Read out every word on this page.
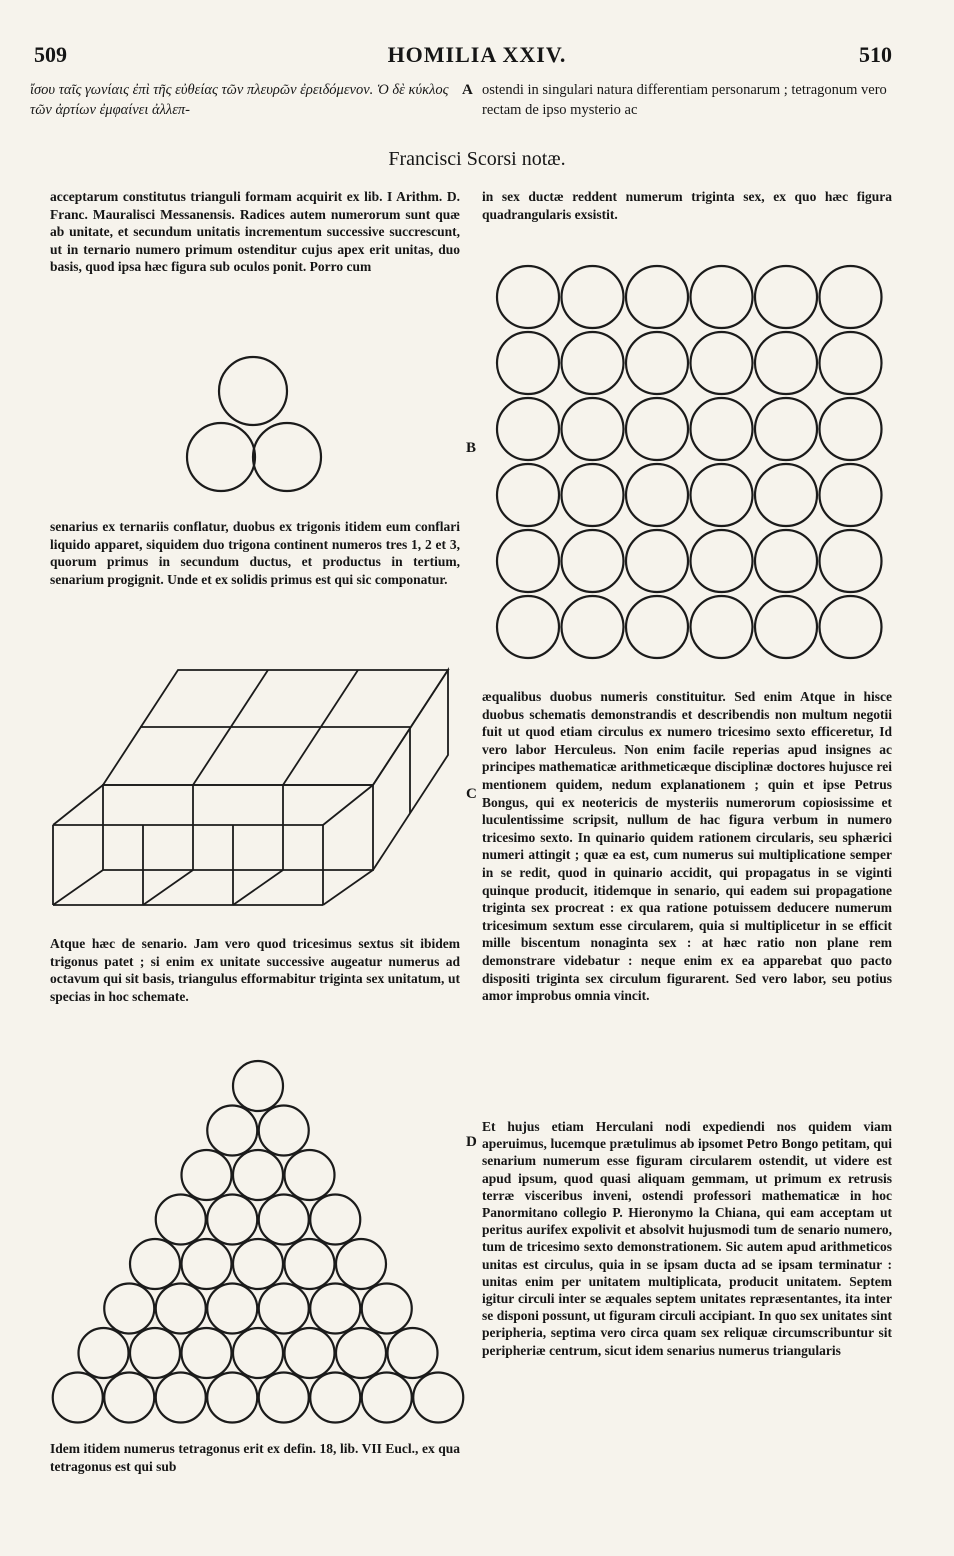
509	HOMILIA XXIV.	510
ἴσου ταῖς γωνίαις ἐπὶ τῆς εὐθείας τῶν πλευρῶν ἐρειδόμενον. Ὁ δὲ κύκλος τῶν ἀρτίων ἐμφαίνει ἀλλεπ-
A ostendi in singulari natura differentiam personarum ; tetragonum vero rectam de ipso mysterio ac
Francisci Scorsi notæ.

acceptarum constitutus trianguli formam acquirit ex lib. I Arithm. D. Franc. Mauralisci Messanensis. Radices autem numerorum sunt quæ ab unitate, et secundum unitatis incrementum successive succrescunt, ut in ternario numero primum ostenditur cujus apex erit unitas, duo basis, quod ipsa hæc figura sub oculos ponit. Porro cum

senarius ex ternariis conflatur, duobus ex trigonis itidem eum conflari liquido apparet, siquidem duo trigona continent numeros tres 1, 2 et 3, quorum primus in secundum ductus, et productus in tertium, senarium progignit. Unde et ex solidis primus est qui sic componatur.

Atque hæc de senario. Jam vero quod tricesimus sextus sit ibidem trigonus patet ; si enim ex unitate successive augeatur numerus ad octavum qui sit basis, triangulus efformabitur triginta sex unitatum, ut specias in hoc schemate.

Idem itidem numerus tetragonus erit ex defin. 18, lib. VII Eucl., ex qua tetragonus est qui sub

in sex ductæ reddent numerum triginta sex, ex quo hæc figura quadrangularis exsistit.

B
C
D

æqualibus duobus numeris constituitur. Sed enim Atque in hisce duobus schematis demonstrandis et describendis non multum negotii fuit ut quod etiam circulus ex numero tricesimo sexto efficeretur, Id vero labor Herculeus. Non enim facile reperias apud insignes ac principes mathematicæ arithmeticæque disciplinæ doctores hujusce rei mentionem quidem, nedum explanationem ; quin et ipse Petrus Bongus, qui ex neotericis de mysteriis numerorum copiosissime et luculentissime scripsit, nullum de hac figura verbum in numero tricesimo sexto. In quinario quidem rationem circularis, seu sphærici numeri attingit ; quæ ea est, cum numerus sui multiplicatione semper in se redit, quod in quinario accidit, qui propagatus in se viginti quinque producit, itidemque in senario, qui eadem sui propagatione triginta sex procreat : ex qua ratione potuissem deducere numerum tricesimum sextum esse circularem, quia si multiplicetur in se efficit mille biscentum nonaginta sex : at hæc ratio non plane rem demonstrare videbatur : neque enim ex ea apparebat quo pacto dispositi triginta sex circulum figurarent. Sed vero labor, seu potius amor improbus omnia vincit.

Et hujus etiam Herculani nodi expediendi nos quidem viam aperuimus, lucemque prætulimus ab ipsomet Petro Bongo petitam, qui senarium numerum esse figuram circularem ostendit, ut videre est apud ipsum, quod quasi aliquam gemmam, ut primum ex retrusis terræ visceribus inveni, ostendi professori mathematicæ in hoc Panormitano collegio P. Hieronymo la Chiana, qui eam acceptam ut peritus aurifex expolivit et absolvit hujusmodi tum de senario numero, tum de tricesimo sexto demonstrationem. Sic autem apud arithmeticos unitas est circulus, quia in se ipsam ducta ad se ipsam terminatur : unitas enim per unitatem multiplicata, producit unitatem. Septem igitur circuli inter se æquales septem unitates repræsentantes, ita inter se disponi possunt, ut figuram circuli accipiant. In quo sex unitates sint peripheria, septima vero circa quam sex reliquæ circumscribuntur sit peripheriæ centrum, sicut idem senarius numerus triangularis
